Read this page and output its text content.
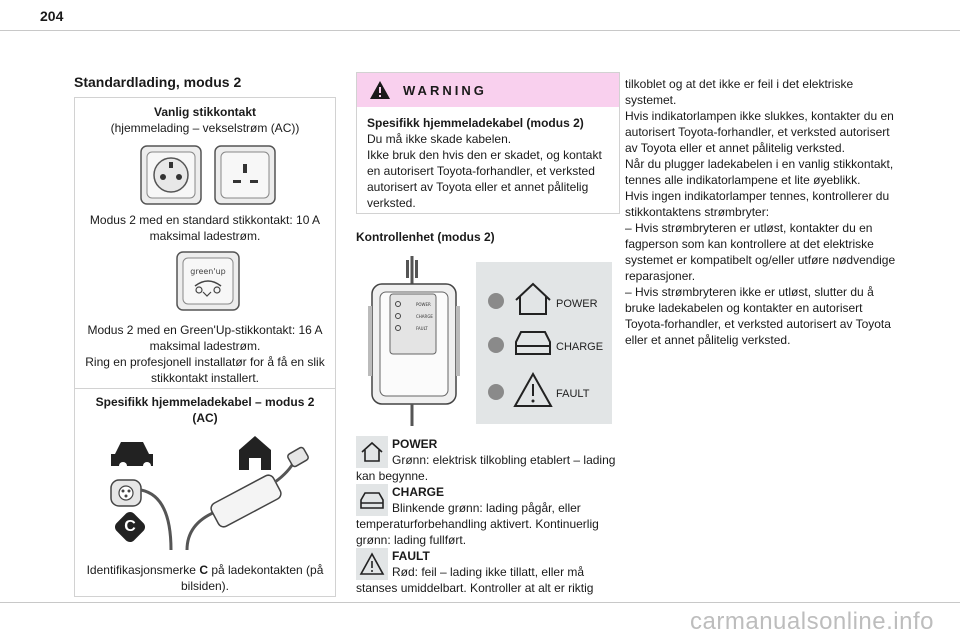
204
Standardlading, modus 2
Vanlig stikkontakt
(hjemmelading – vekselstrøm (AC))
Modus 2 med en standard stikkontakt: 10 A maksimal ladestrøm.
green'up
Modus 2 med en Green'Up-stikkontakt: 16 A maksimal ladestrøm.
Ring en profesjonell installatør for å få en slik stikkontakt installert.
Spesifikk hjemmeladekabel – modus 2 (AC)
C
Identifikasjonsmerke C på ladekontakten (på bilsiden).
WARNING
Spesifikk hjemmeladekabel (modus 2)
Du må ikke skade kabelen.
Ikke bruk den hvis den er skadet, og kontakt en autorisert Toyota-forhandler, et verksted autorisert av Toyota eller et annet pålitelig verksted.
Kontrollenhet (modus 2)
POWER
CHARGE
FAULT
POWER
CHARGE
FAULT
POWER
Grønn: elektrisk tilkobling etablert – lading kan begynne.
CHARGE
Blinkende grønn: lading pågår, eller temperaturforbehandling aktivert. Kontinuerlig grønn: lading fullført.
FAULT
Rød: feil – lading ikke tillatt, eller må stanses umiddelbart. Kontroller at alt er riktig

tilkoblet og at det ikke er feil i det elektriske systemet.

Hvis indikatorlampen ikke slukkes, kontakter du en autorisert Toyota-forhandler, et verksted autorisert av Toyota eller et annet pålitelig verksted.

Når du plugger ladekabelen i en vanlig stikkontakt, tennes alle indikatorlampene et lite øyeblikk.

Hvis ingen indikatorlamper tennes, kontrollerer du stikkontaktens strømbryter:

– Hvis strømbryteren er utløst, kontakter du en fagperson som kan kontrollere at det elektriske systemet er kompatibelt og/eller utføre nødvendige reparasjoner.

– Hvis strømbryteren ikke er utløst, slutter du å bruke ladekabelen og kontakter en autorisert Toyota-forhandler, et verksted autorisert av Toyota eller et annet pålitelig verksted.

carmanualsonline.info
